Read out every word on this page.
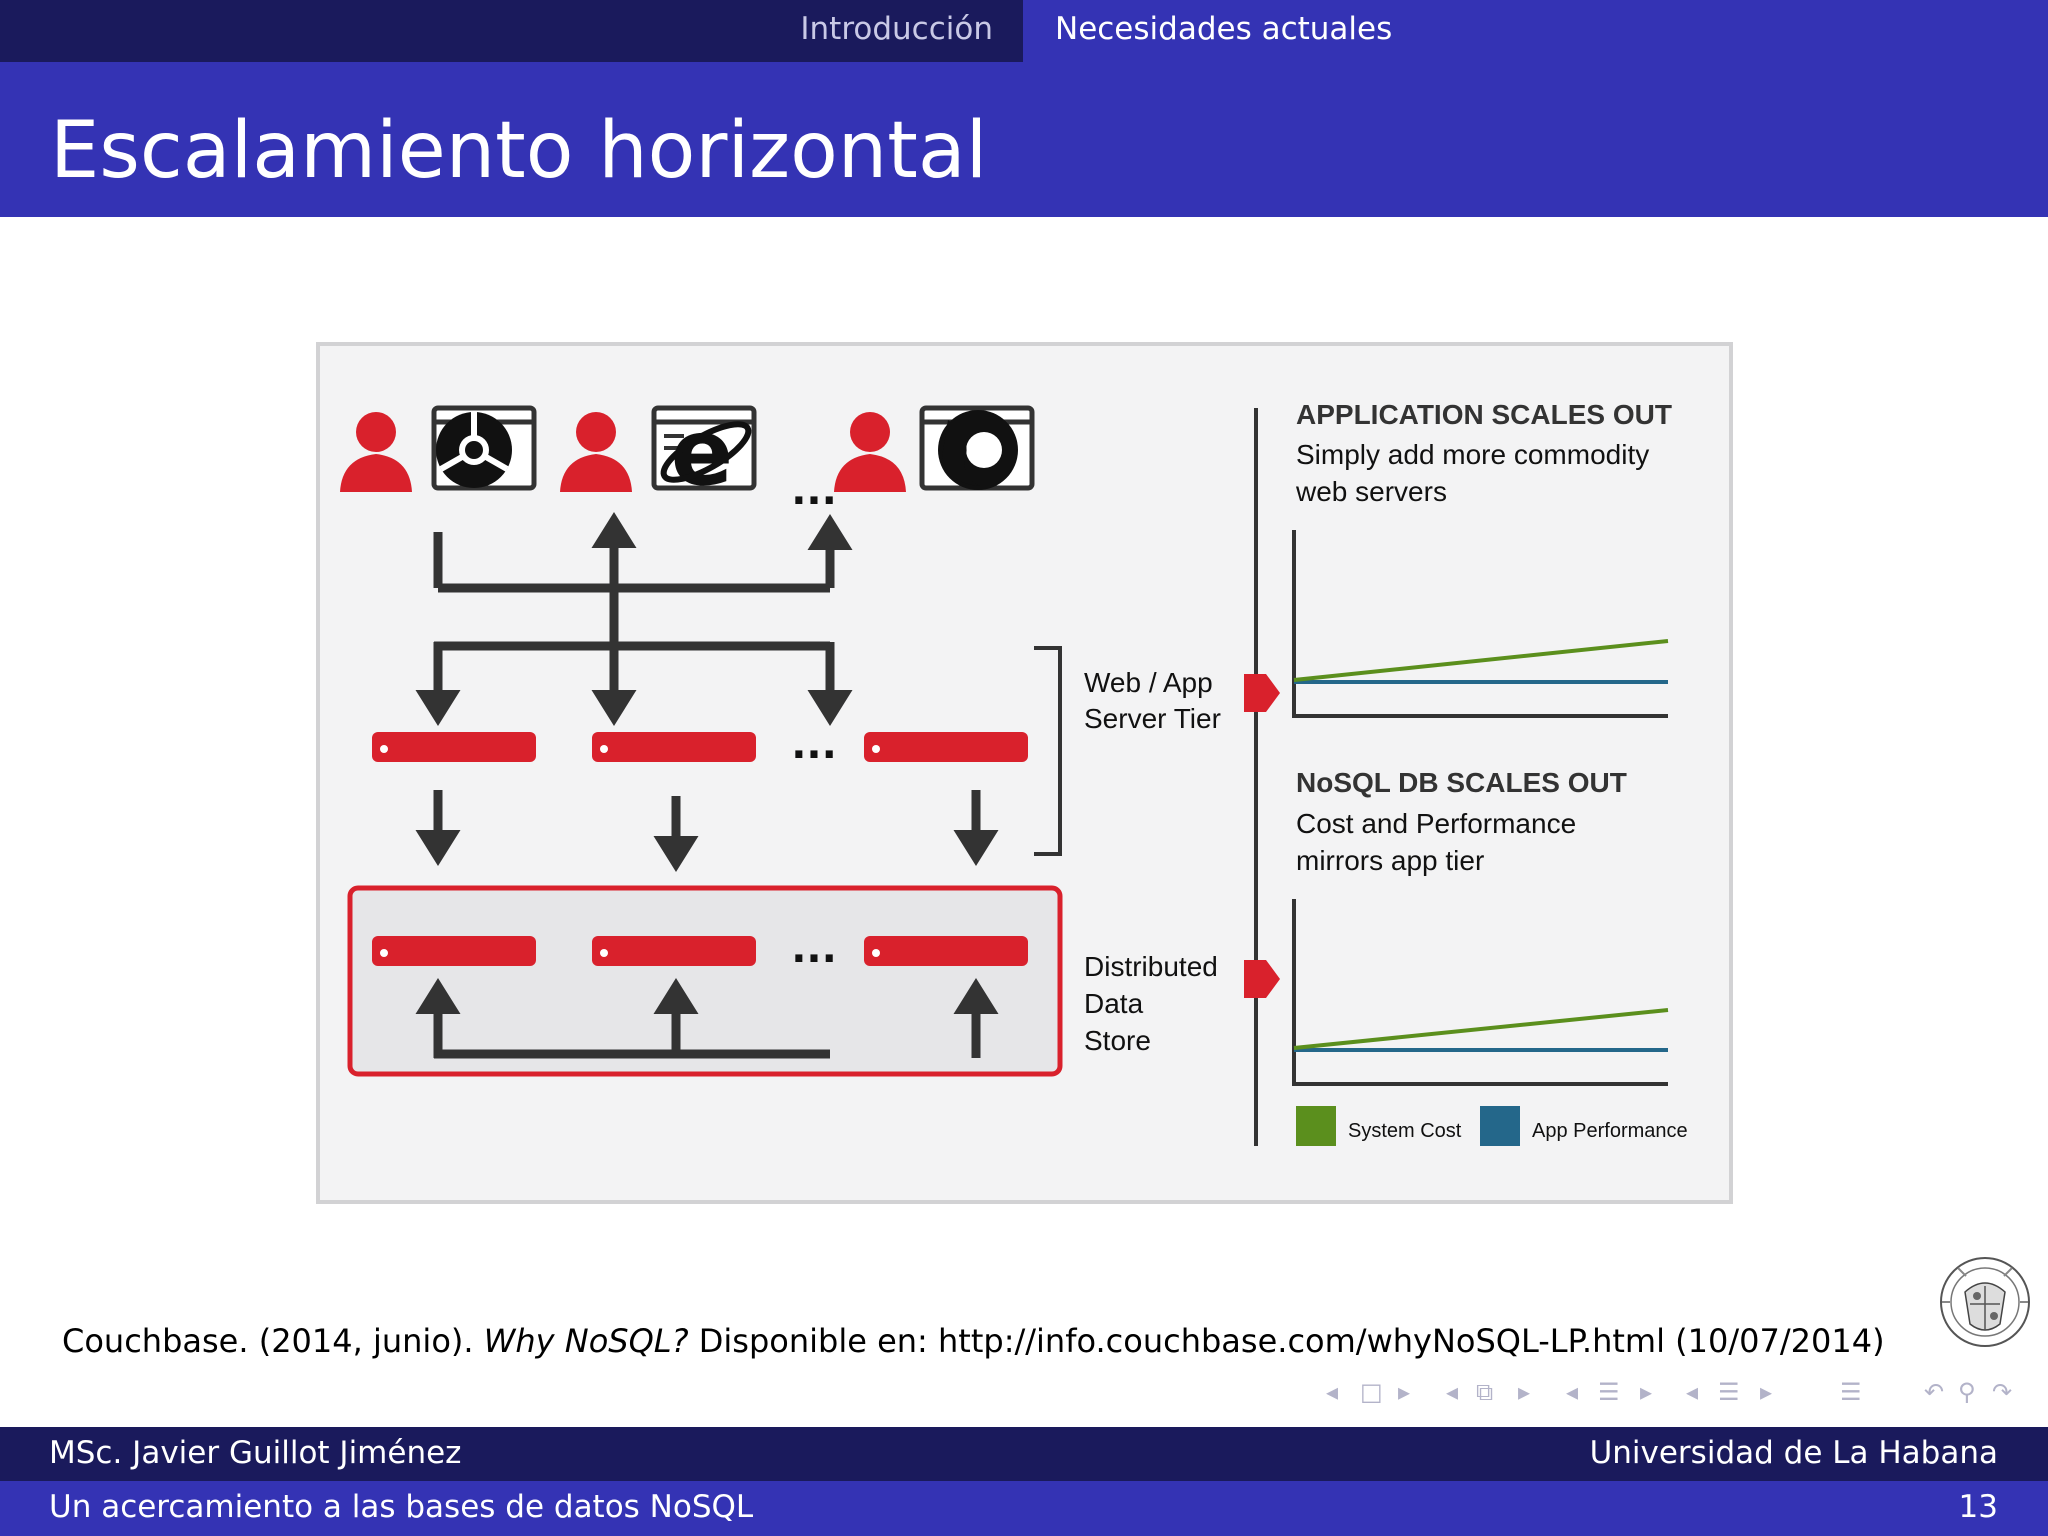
Introducción	Necesidades actuales
Escalamiento horizontal
e ...
...
Web / App Server Tier
...	Distributed Data Store
APPLICATION SCALES OUT
Simply add more commodity web servers
NoSQL DB SCALES OUT
Cost and Performance mirrors app tier
System Cost	App Performance
Couchbase. (2014, junio). Why NoSQL? Disponible en: http://info.couchbase.com/whyNoSQL-LP.html (10/07/2014)
◂ □ ▸ ◂ ⧉ ▸ ◂ ☰ ▸ ◂ ☰ ▸	☰	↶ ⚲ ↷
MSc. Javier Guillot Jiménez	Universidad de La Habana
Un acercamiento a las bases de datos NoSQL	13
